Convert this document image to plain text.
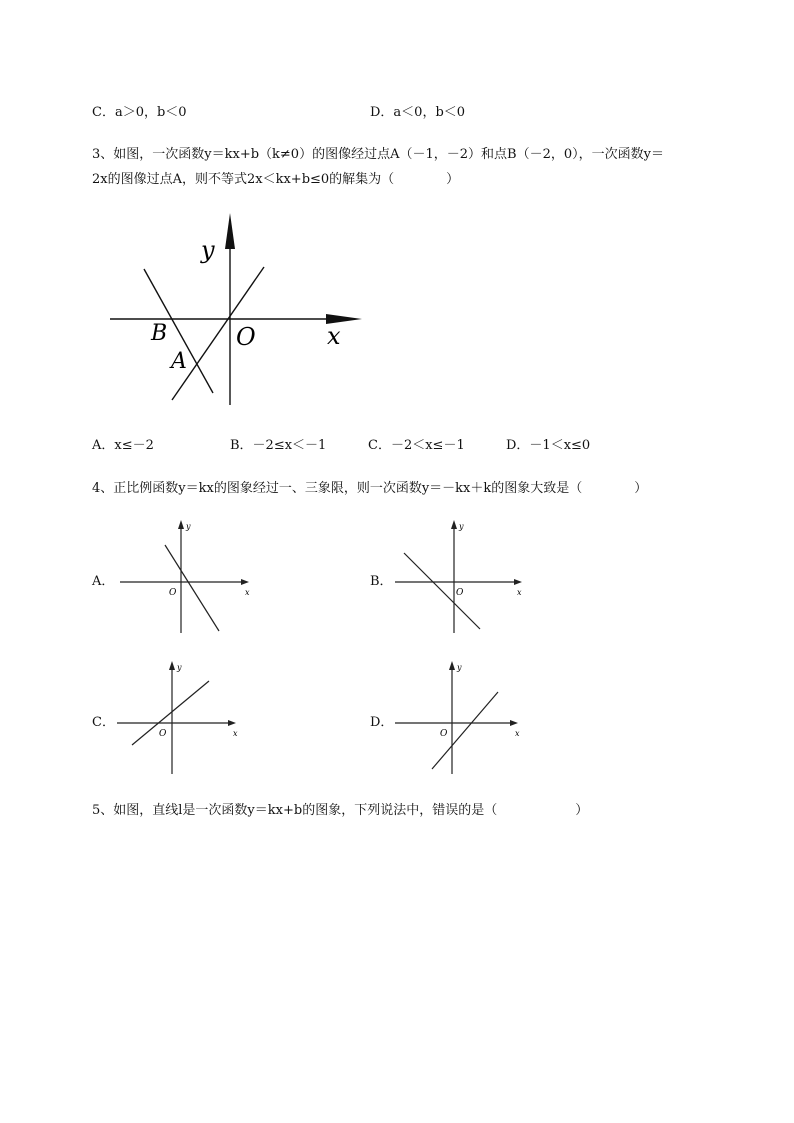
C．a＞0，b＜0	D．a＜0，b＜0
3、如图，一次函数y＝kx+b（k≠0）的图像经过点A（－1，－2）和点B（－2，0），一次函数y＝
2x的图像过点A，则不等式2x＜kx+b≤0的解集为（　　　　）
y
x
O
B
A
A．x≤－2	B．－2≤x＜－1	C．－2＜x≤－1	D．－1＜x≤0
4、正比例函数y＝kx的图象经过一、三象限，则一次函数y＝－kx＋k的图象大致是（　　　　）
A．
y
x
O
B．
y
x
O
C．
y
x
O
D．
y
x
O
5、如图，直线l是一次函数y＝kx+b的图象，下列说法中，错误的是（　　　　　　）
